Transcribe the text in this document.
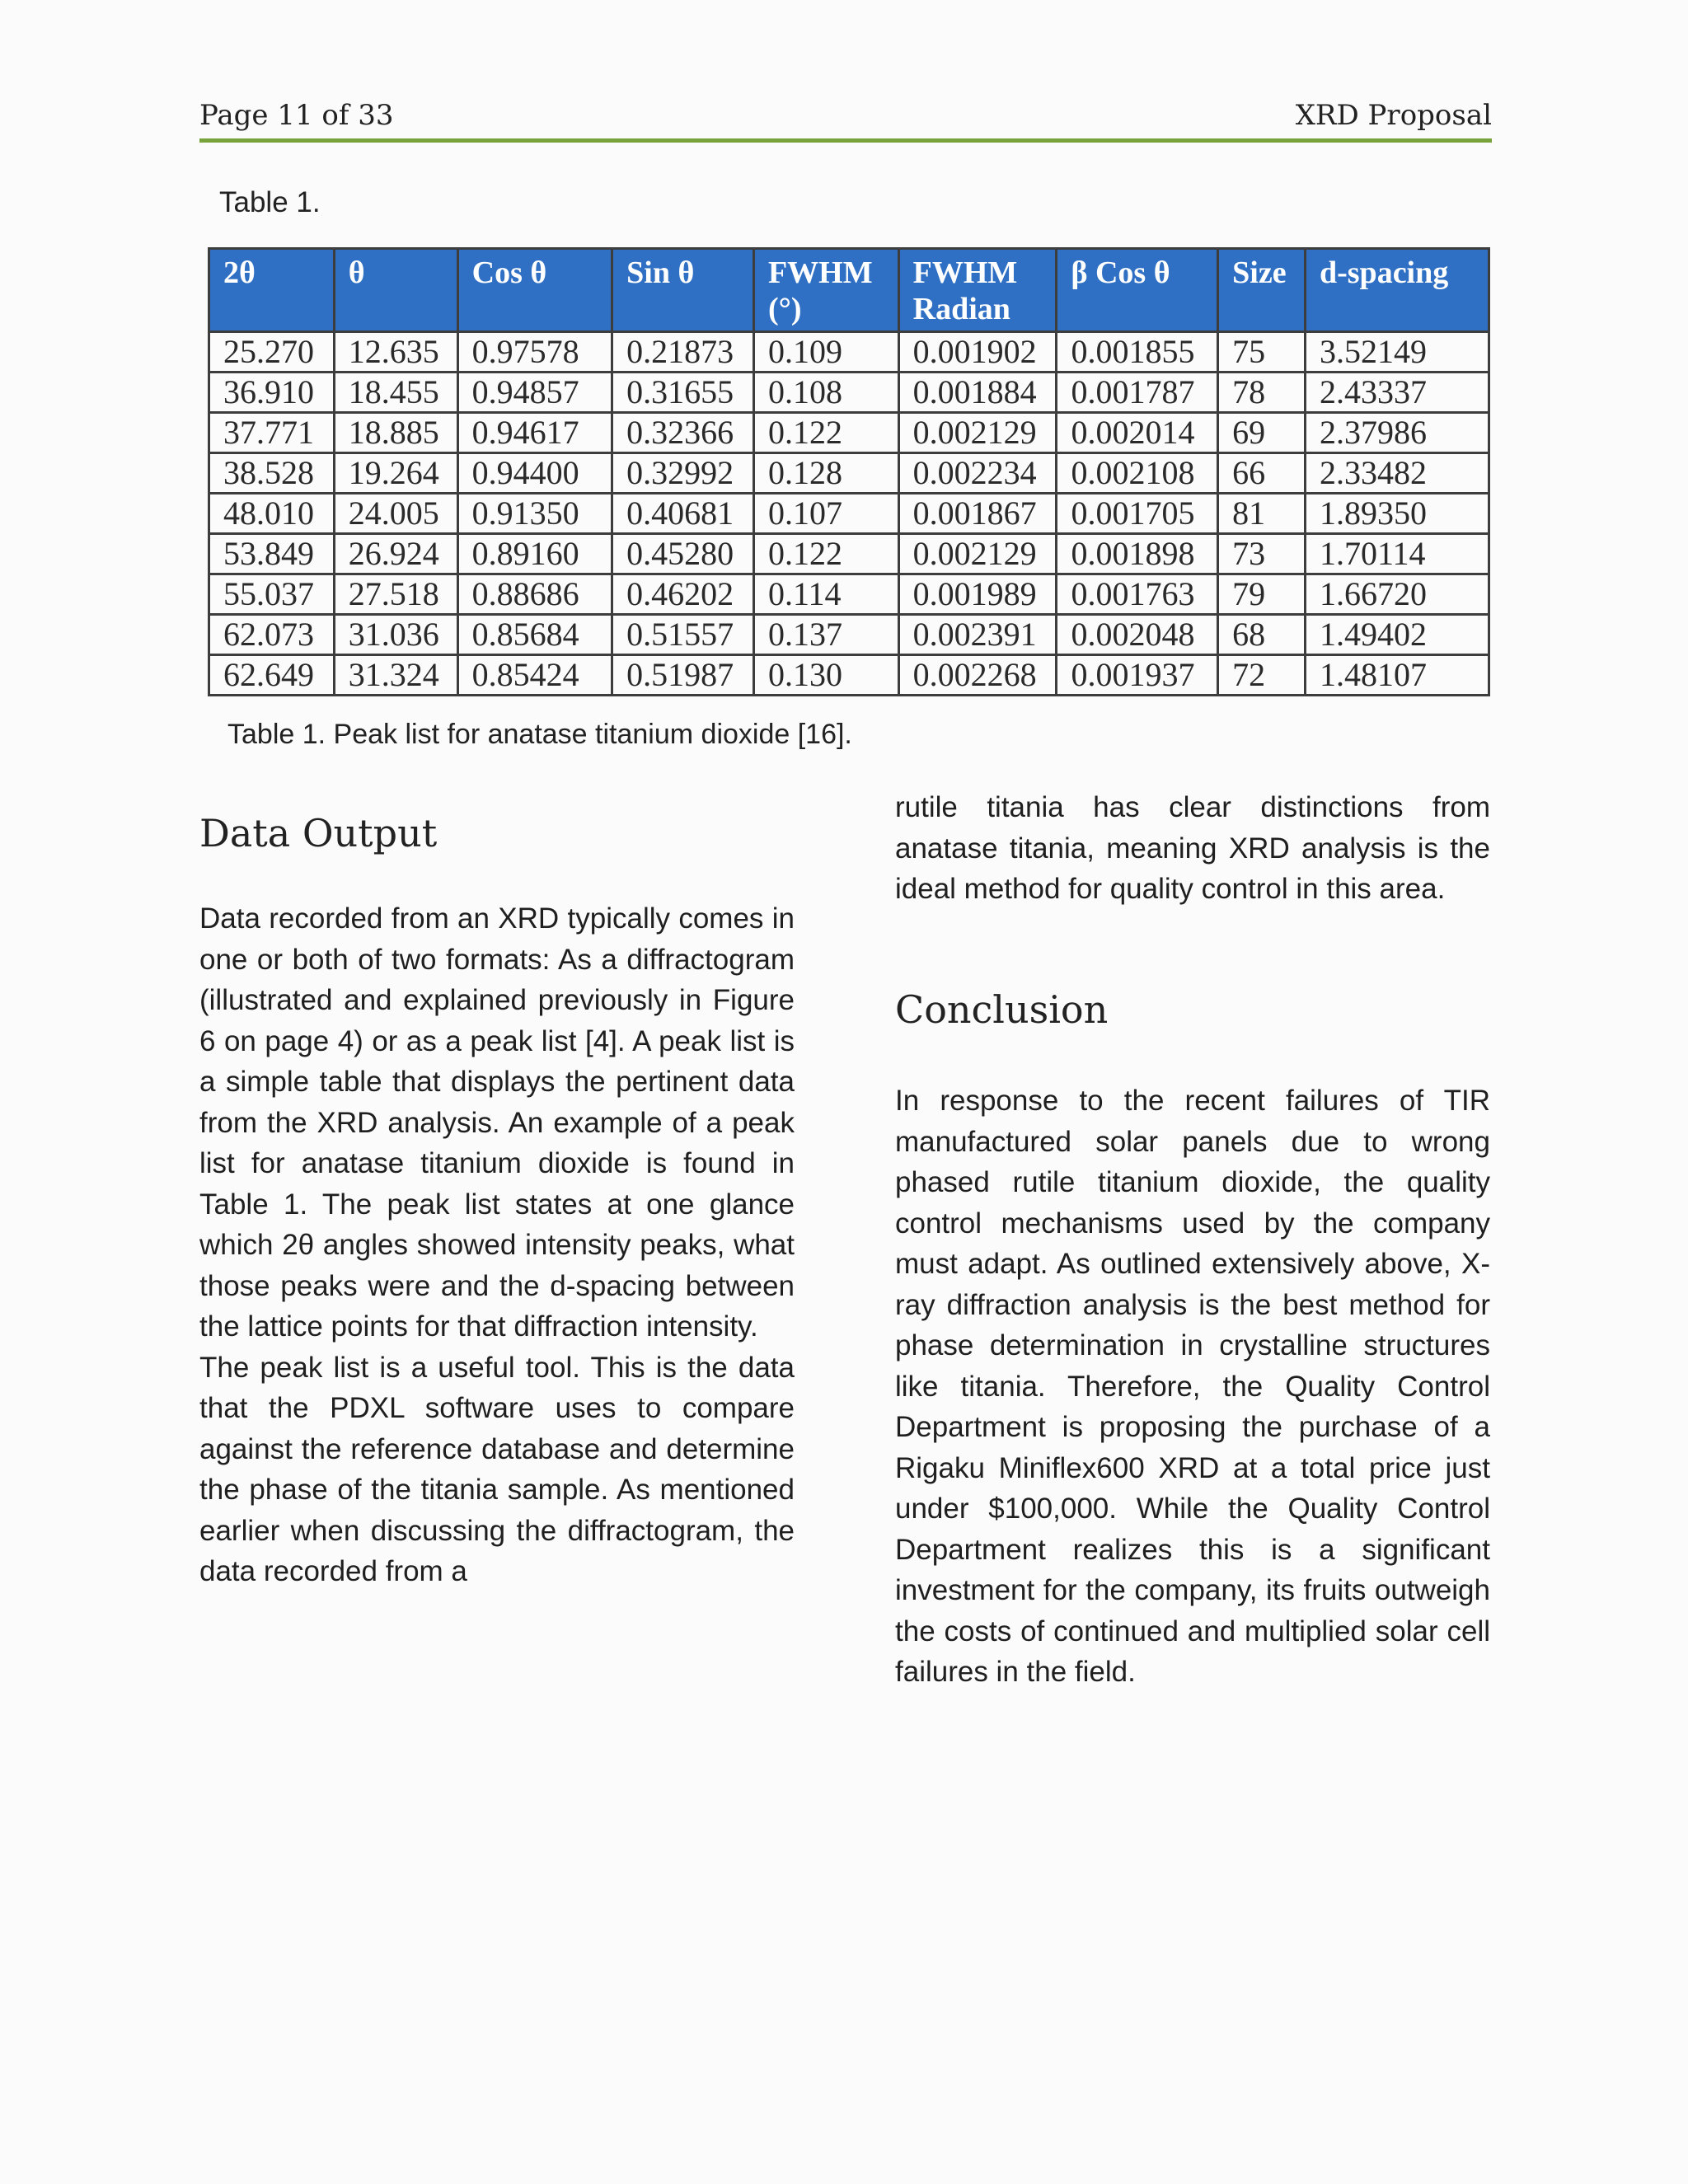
Page 11 of 33	XRD Proposal
Table 1.
2θ	θ	Cos θ	Sin θ	FWHM (°)	FWHM Radian	β Cos θ	Size	d-spacing
25.270	12.635	0.97578	0.21873	0.109	0.001902	0.001855	75	3.52149
36.910	18.455	0.94857	0.31655	0.108	0.001884	0.001787	78	2.43337
37.771	18.885	0.94617	0.32366	0.122	0.002129	0.002014	69	2.37986
38.528	19.264	0.94400	0.32992	0.128	0.002234	0.002108	66	2.33482
48.010	24.005	0.91350	0.40681	0.107	0.001867	0.001705	81	1.89350
53.849	26.924	0.89160	0.45280	0.122	0.002129	0.001898	73	1.70114
55.037	27.518	0.88686	0.46202	0.114	0.001989	0.001763	79	1.66720
62.073	31.036	0.85684	0.51557	0.137	0.002391	0.002048	68	1.49402
62.649	31.324	0.85424	0.51987	0.130	0.002268	0.001937	72	1.48107
Table 1. Peak list for anatase titanium dioxide [16].
Data Output

Data recorded from an XRD typically comes in one or both of two formats: As a diffractogram (illustrated and explained previously in Figure 6 on page 4) or as a peak list [4]. A peak list is a simple table that displays the pertinent data from the XRD analysis. An example of a peak list for anatase titanium dioxide is found in Table 1. The peak list states at one glance which 2θ angles showed intensity peaks, what those peaks were and the d-spacing between the lattice points for that diffraction intensity.

The peak list is a useful tool. This is the data that the PDXL software uses to compare against the reference database and determine the phase of the titania sample. As mentioned earlier when discussing the diffractogram, the data recorded from a

rutile titania has clear distinctions from anatase titania, meaning XRD analysis is the ideal method for quality control in this area.

Conclusion

In response to the recent failures of TIR manufactured solar panels due to wrong phased rutile titanium dioxide, the quality control mechanisms used by the company must adapt. As outlined extensively above, X-ray diffraction analysis is the best method for phase determination in crystalline structures like titania. Therefore, the Quality Control Department is proposing the purchase of a Rigaku Miniflex600 XRD at a total price just under $100,000. While the Quality Control Department realizes this is a significant investment for the company, its fruits outweigh the costs of continued and multiplied solar cell failures in the field.
